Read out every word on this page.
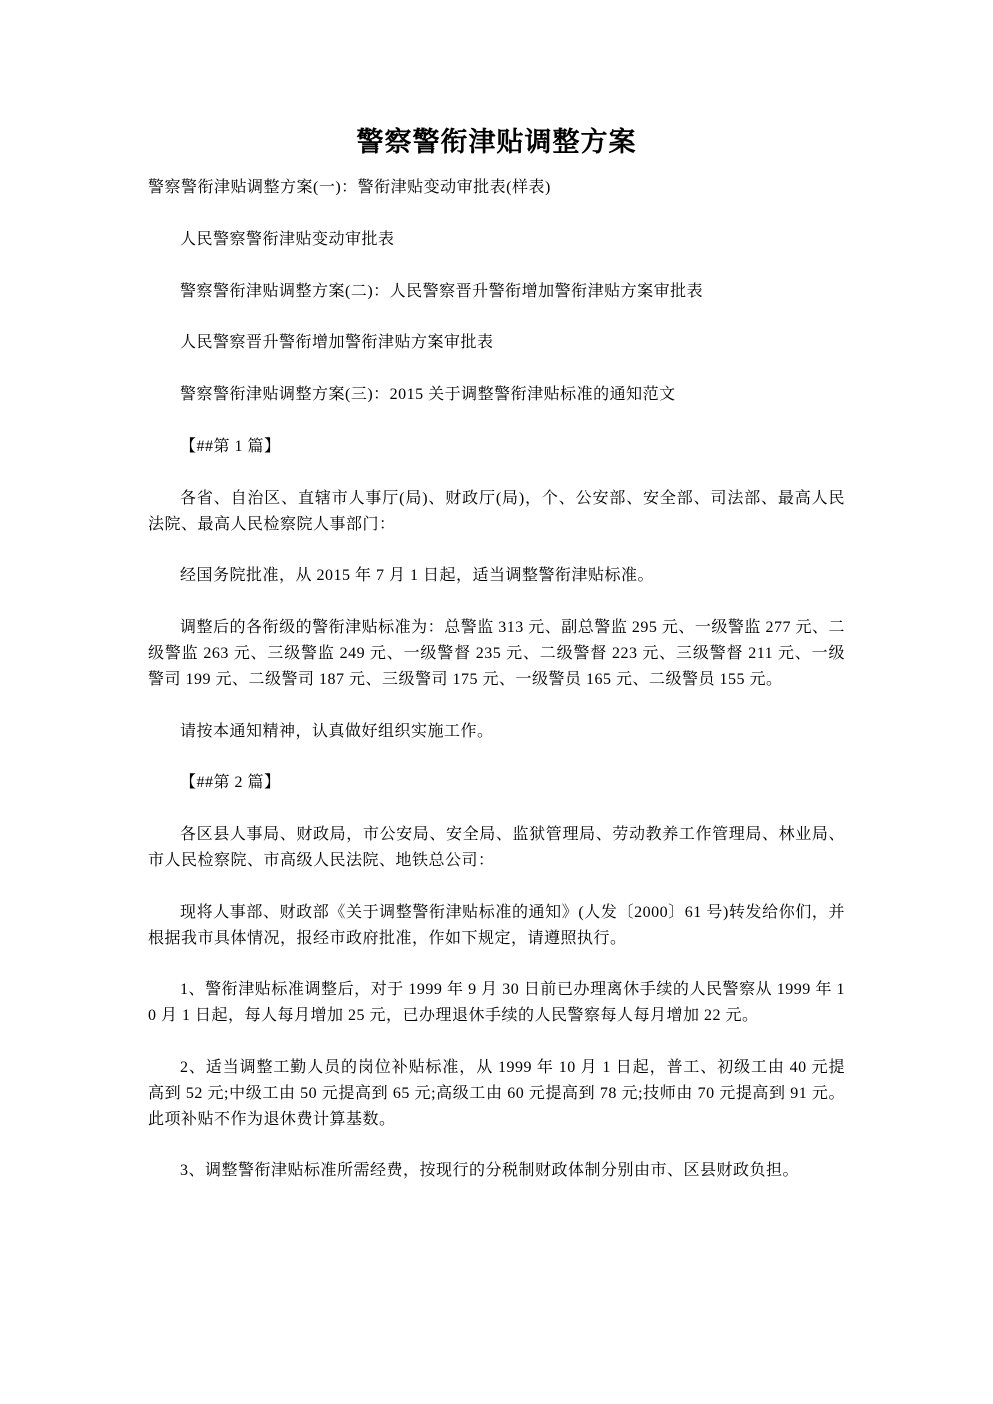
警察警衔津贴调整方案

警察警衔津贴调整方案(一)：警衔津贴变动审批表(样表)

人民警察警衔津贴变动审批表

警察警衔津贴调整方案(二)：人民警察晋升警衔增加警衔津贴方案审批表

人民警察晋升警衔增加警衔津贴方案审批表

警察警衔津贴调整方案(三)：2015 关于调整警衔津贴标准的通知范文

【##第 1 篇】

各省、自治区、直辖市人事厅(局)、财政厅(局)，个、公安部、安全部、司法部、最高人民法院、最高人民检察院人事部门：

经国务院批准，从 2015 年 7 月 1 日起，适当调整警衔津贴标准。

调整后的各衔级的警衔津贴标准为：总警监 313 元、副总警监 295 元、一级警监 277 元、二级警监 263 元、三级警监 249 元、一级警督 235 元、二级警督 223 元、三级警督 211 元、一级警司 199 元、二级警司 187 元、三级警司 175 元、一级警员 165 元、二级警员 155 元。

请按本通知精神，认真做好组织实施工作。

【##第 2 篇】

各区县人事局、财政局，市公安局、安全局、监狱管理局、劳动教养工作管理局、林业局、市人民检察院、市高级人民法院、地铁总公司：

现将人事部、财政部《关于调整警衔津贴标准的通知》(人发〔2000〕61 号)转发给你们，并根据我市具体情况，报经市政府批准，作如下规定，请遵照执行。

1、警衔津贴标准调整后，对于 1999 年 9 月 30 日前已办理离休手续的人民警察从 1999 年 10 月 1 日起，每人每月增加 25 元，已办理退休手续的人民警察每人每月增加 22 元。

2、适当调整工勤人员的岗位补贴标准，从 1999 年 10 月 1 日起，普工、初级工由 40 元提高到 52 元;中级工由 50 元提高到 65 元;高级工由 60 元提高到 78 元;技师由 70 元提高到 91 元。此项补贴不作为退休费计算基数。

3、调整警衔津贴标准所需经费，按现行的分税制财政体制分别由市、区县财政负担。
